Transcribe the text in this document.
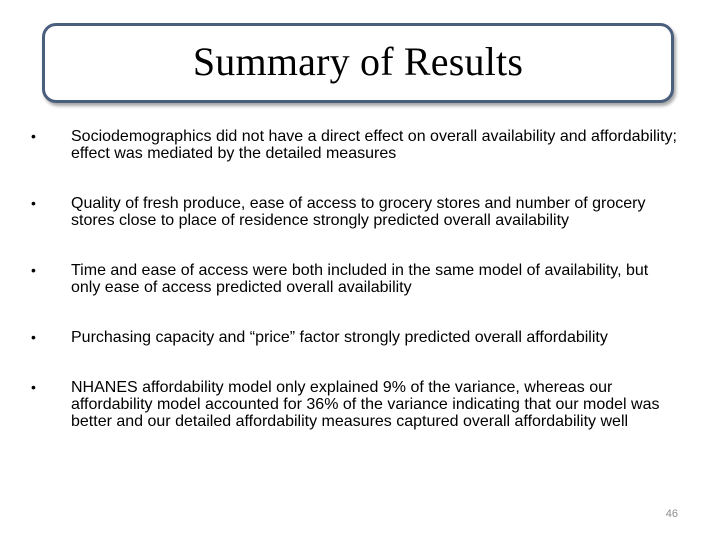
Summary of Results
•	Sociodemographics did not have a direct effect on overall availability and affordability; effect was mediated by the detailed measures
•	Quality of fresh produce, ease of access to grocery stores and number of grocery stores close to place of residence strongly predicted overall availability
•	Time and ease of access were both included in the same model of availability, but only ease of access predicted overall availability
•	Purchasing capacity and “price” factor strongly predicted overall affordability
•	NHANES affordability model only explained 9% of the variance, whereas our affordability model accounted for 36% of the variance indicating that our model was better and our detailed affordability measures captured overall affordability well
46
